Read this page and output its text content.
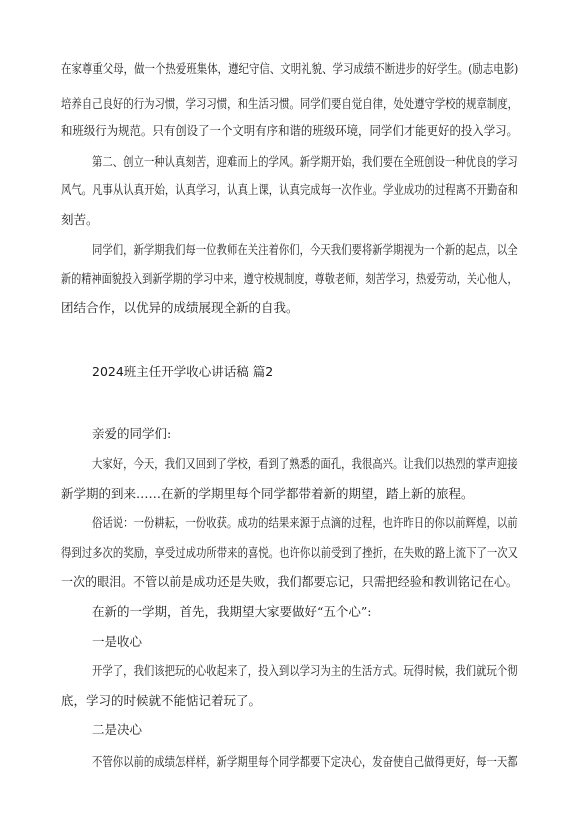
在家尊重父母，做一个热爱班集体，遵纪守信、文明礼貌、学习成绩不断进步的好学生。(励志电影)
培养自己良好的行为习惯，学习习惯，和生活习惯。同学们要自觉自律，处处遵守学校的规章制度，
和班级行为规范。只有创设了一个文明有序和谐的班级环境，同学们才能更好的投入学习。
第二、创立一种认真刻苦，迎难而上的学风。新学期开始，我们要在全班创设一种优良的学习
风气。凡事从认真开始，认真学习，认真上课，认真完成每一次作业。学业成功的过程离不开勤奋和
刻苦。
同学们，新学期我们每一位教师在关注着你们，今天我们要将新学期视为一个新的起点，以全
新的精神面貌投入到新学期的学习中来，遵守校规制度，尊敬老师，刻苦学习，热爱劳动，关心他人，
团结合作，以优异的成绩展现全新的自我。
2024班主任开学收心讲话稿 篇2
亲爱的同学们:
大家好，今天，我们又回到了学校，看到了熟悉的面孔，我很高兴。让我们以热烈的掌声迎接
新学期的到来……在新的学期里每个同学都带着新的期望，踏上新的旅程。
俗话说：一份耕耘，一份收获。成功的结果来源于点滴的过程，也许昨日的你以前辉煌，以前
得到过多次的奖励，享受过成功所带来的喜悦。也许你以前受到了挫折，在失败的路上流下了一次又
一次的眼泪。不管以前是成功还是失败，我们都要忘记，只需把经验和教训铭记在心。
在新的一学期，首先，我期望大家要做好“五个心”:
一是收心
开学了，我们该把玩的心收起来了，投入到以学习为主的生活方式。玩得时候，我们就玩个彻
底，学习的时候就不能惦记着玩了。
二是决心
不管你以前的成绩怎样样，新学期里每个同学都要下定决心，发奋使自己做得更好，每一天都
